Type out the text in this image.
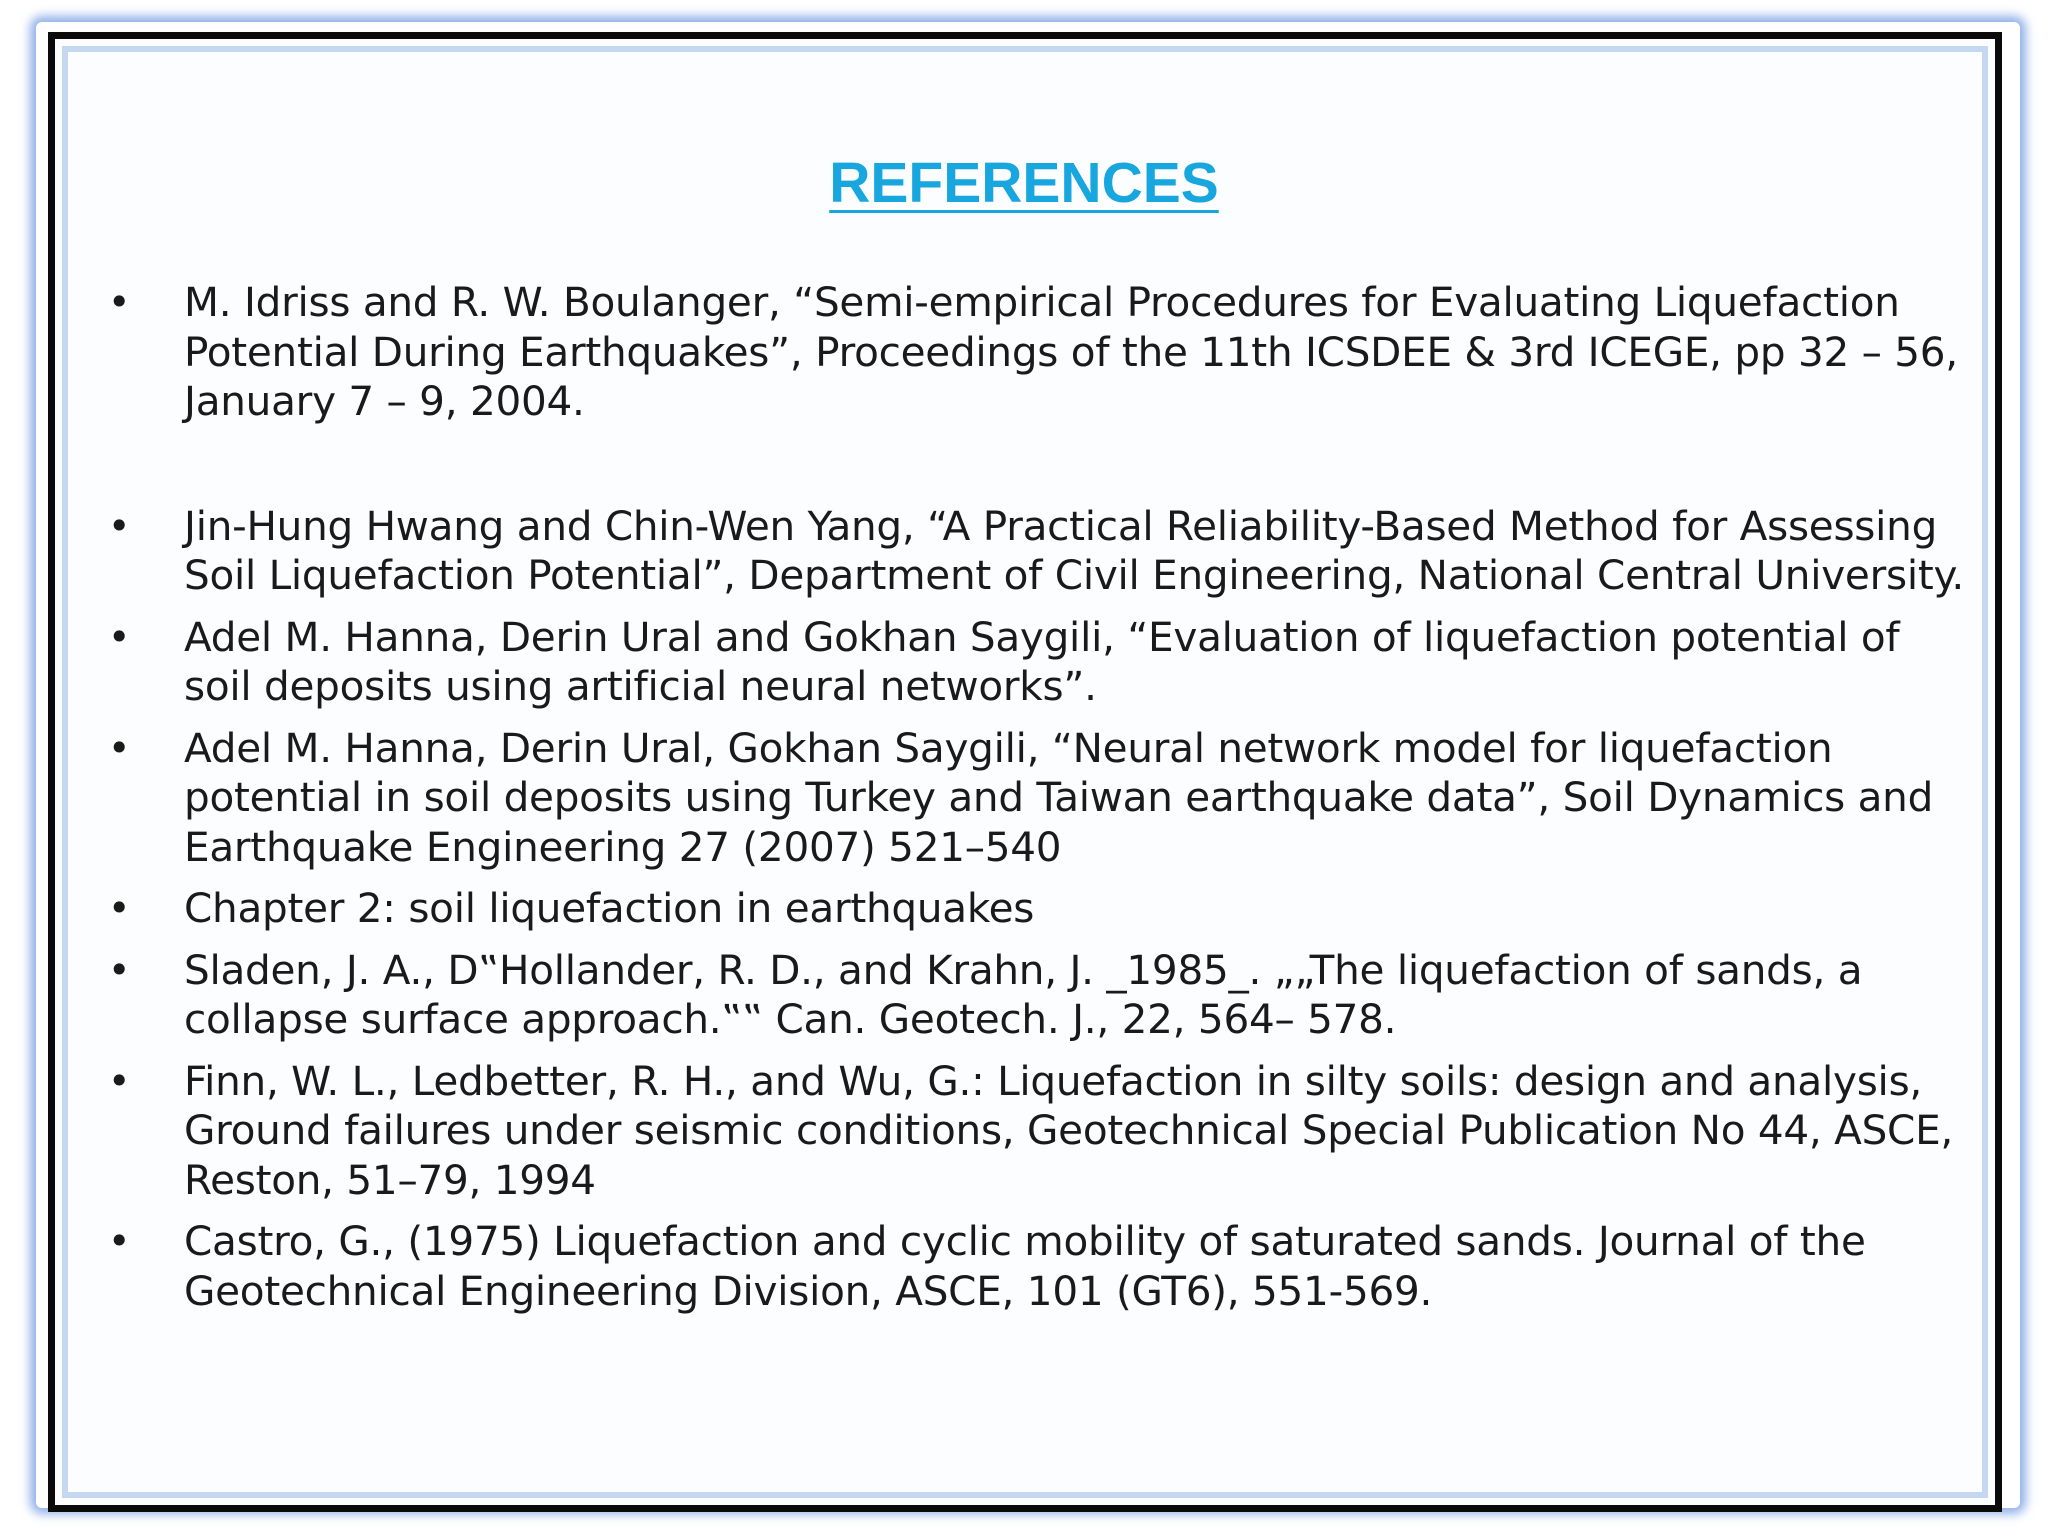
REFERENCES
• M. Idriss and R. W. Boulanger, “Semi-empirical Procedures for Evaluating Liquefaction
Potential During Earthquakes”, Proceedings of the 11th ICSDEE & 3rd ICEGE, pp 32 – 56,
January 7 – 9, 2004.
• Jin-Hung Hwang and Chin-Wen Yang, “A Practical Reliability-Based Method for Assessing
Soil Liquefaction Potential”, Department of Civil Engineering, National Central University.
• Adel M. Hanna, Derin Ural and Gokhan Saygili, “Evaluation of liquefaction potential of
soil deposits using artificial neural networks”.
• Adel M. Hanna, Derin Ural, Gokhan Saygili, “Neural network model for liquefaction
potential in soil deposits using Turkey and Taiwan earthquake data”, Soil Dynamics and
Earthquake Engineering 27 (2007) 521–540
• Chapter 2: soil liquefaction in earthquakes
• Sladen, J. A., D‟Hollander, R. D., and Krahn, J. _1985_. „„The liquefaction of sands, a
collapse surface approach.‟‟ Can. Geotech. J., 22, 564– 578.
• Finn, W. L., Ledbetter, R. H., and Wu, G.: Liquefaction in silty soils: design and analysis,
Ground failures under seismic conditions, Geotechnical Special Publication No 44, ASCE,
Reston, 51–79, 1994
• Castro, G., (1975) Liquefaction and cyclic mobility of saturated sands. Journal of the
Geotechnical Engineering Division, ASCE, 101 (GT6), 551-569.
